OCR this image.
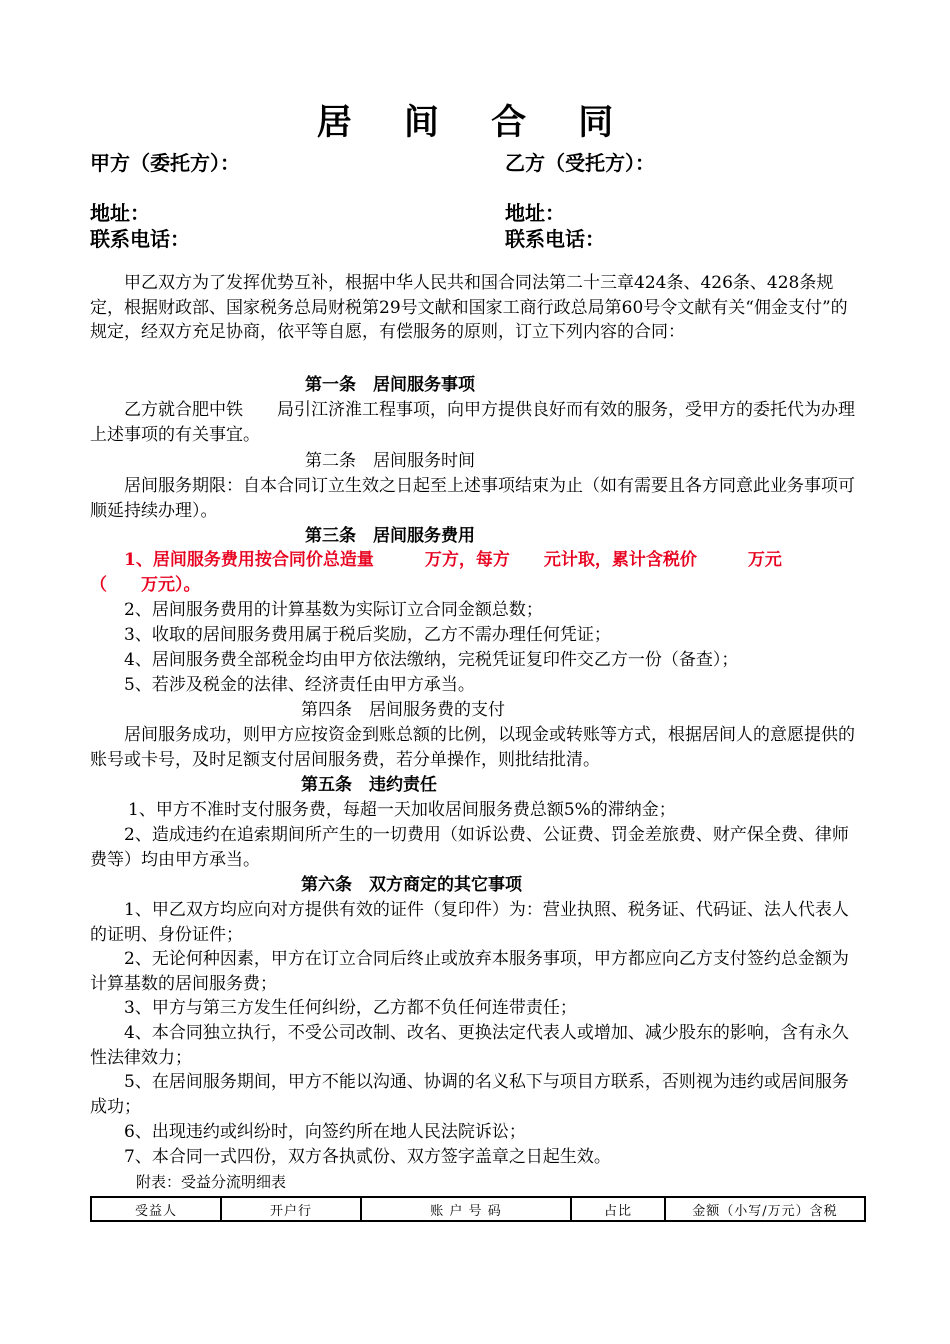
居 间 合 同
甲方（委托方）：	乙方（受托方）：
地址：	地址：
联系电话：	联系电话：
甲乙双方为了发挥优势互补，根据中华人民共和国合同法第二十三章424条、426条、428条规定，根据财政部、国家税务总局财税第29号文献和国家工商行政总局第60号令文献有关“佣金支付”的规定，经双方充足协商，依平等自愿，有偿服务的原则，订立下列内容的合同：
第一条　居间服务事项
乙方就合肥中铁　　局引江济淮工程事项，向甲方提供良好而有效的服务，受甲方的委托代为办理上述事项的有关事宜。
第二条　居间服务时间
居间服务期限：自本合同订立生效之日起至上述事项结束为止（如有需要且各方同意此业务事项可顺延持续办理）。
第三条　居间服务费用
1、居间服务费用按合同价总造量　　　万方，每方　　元计取，累计含税价　　　万元
（　　万元）。
2、居间服务费用的计算基数为实际订立合同金额总数；
3、收取的居间服务费用属于税后奖励，乙方不需办理任何凭证；
4、居间服务费全部税金均由甲方依法缴纳，完税凭证复印件交乙方一份（备查）；
5、若涉及税金的法律、经济责任由甲方承当。
第四条　居间服务费的支付
居间服务成功，则甲方应按资金到账总额的比例，以现金或转账等方式，根据居间人的意愿提供的账号或卡号，及时足额支付居间服务费，若分单操作，则批结批清。
第五条　违约责任
1、甲方不准时支付服务费，每超一天加收居间服务费总额5%的滞纳金；
2、造成违约在追索期间所产生的一切费用（如诉讼费、公证费、罚金差旅费、财产保全费、律师费等）均由甲方承当。
第六条　双方商定的其它事项
1、甲乙双方均应向对方提供有效的证件（复印件）为：营业执照、税务证、代码证、法人代表人的证明、身份证件；
2、无论何种因素，甲方在订立合同后终止或放弃本服务事项，甲方都应向乙方支付签约总金额为计算基数的居间服务费；
3、甲方与第三方发生任何纠纷，乙方都不负任何连带责任；
4、本合同独立执行，不受公司改制、改名、更换法定代表人或增加、减少股东的影响，含有永久性法律效力；
5、在居间服务期间，甲方不能以沟通、协调的名义私下与项目方联系，否则视为违约或居间服务成功；
6、出现违约或纠纷时，向签约所在地人民法院诉讼；
7、本合同一式四份，双方各执贰份、双方签字盖章之日起生效。
附表：受益分流明细表
受益人	开户行	账 户 号 码	占比	金额（小写/万元）含税
